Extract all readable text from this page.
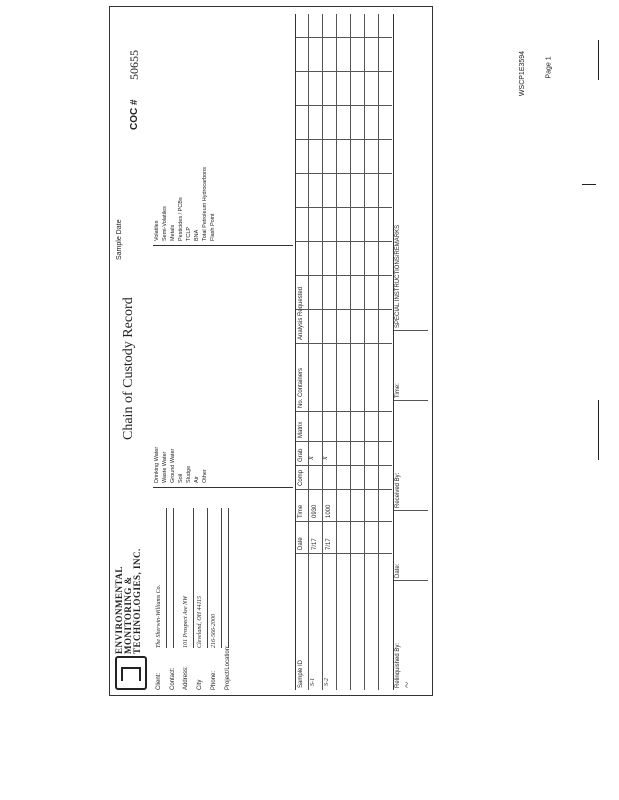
ENVIRONMENTAL MONITORING & TECHNOLOGIES, INC.
Chain of Custody Record
Sample Date
COC #
50655
Client:The Sherwin-Williams Co.
Contact:	Address:101 Prospect Ave NW
CityCleveland, OH 44115
Phone:216-566-2000
Project/Location:
Drinking Water Waste Water Ground Water Soil Sludge Air Other
Volatiles Semi-Volatiles Metals Pesticides / PCBs TCLP BNA Total Petroleum Hydrocarbons Flash Point
Sample ID
Date
Time
Comp
Grab
Matrix
No. Containers
Analysis Requested
S-1
7/17
0930
X
S-2
7/17
1000
X
Relinquished By: ~
Date:
Received By:
Time:
SPECIAL INSTRUCTIONS/REMARKS
Page 1
WSCP1E3594
